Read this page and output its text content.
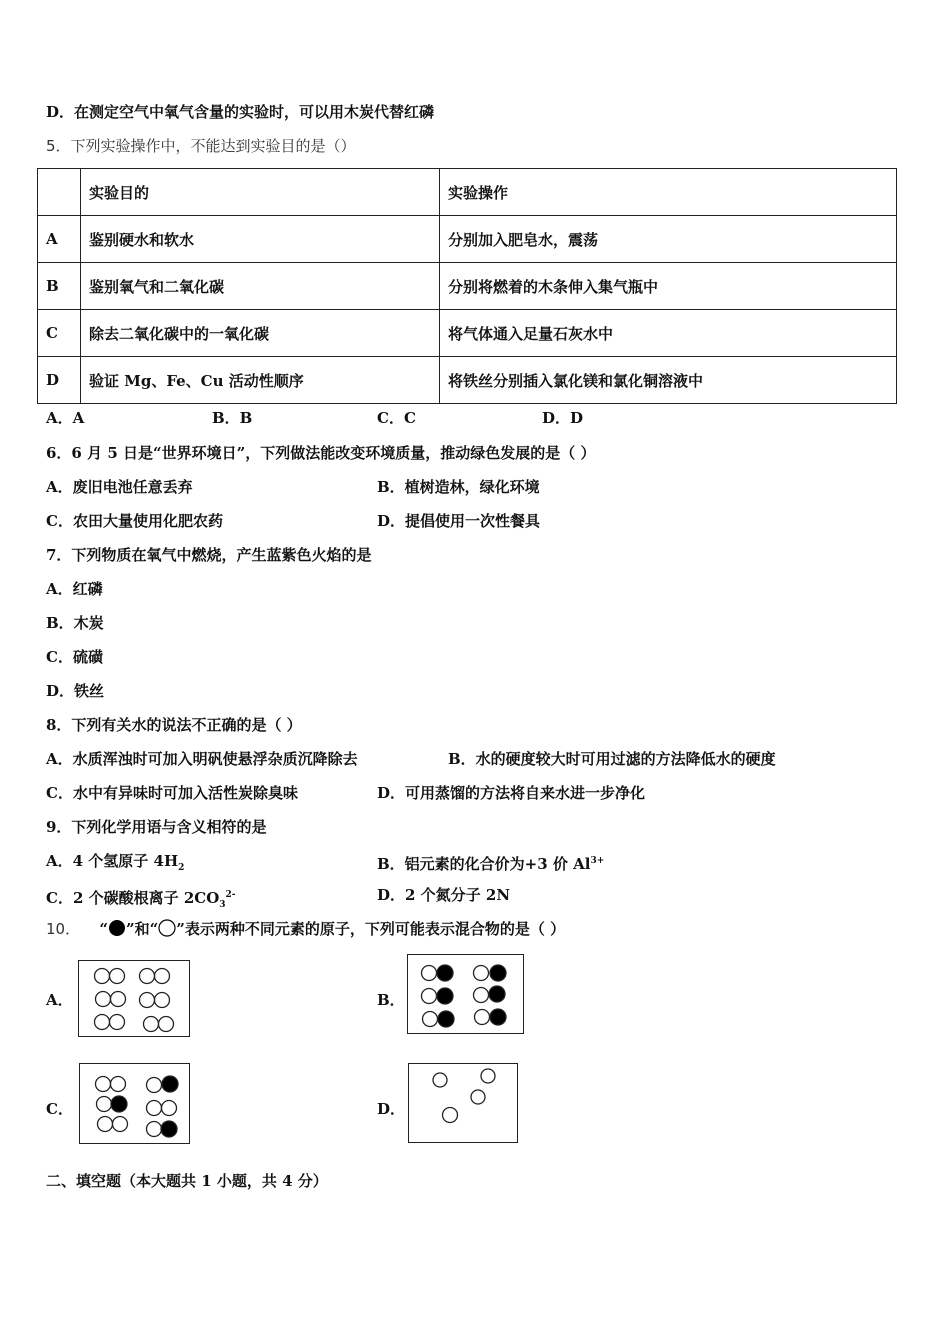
D．在测定空气中氧气含量的实验时，可以用木炭代替红磷
5．下列实验操作中，不能达到实验目的是（）
	实验目的	实验操作
A	鉴别硬水和软水	分别加入肥皂水，震荡
B	鉴别氧气和二氧化碳	分别将燃着的木条伸入集气瓶中
C	除去二氧化碳中的一氧化碳	将气体通入足量石灰水中
D	验证 Mg、Fe、Cu 活动性顺序	将铁丝分别插入氯化镁和氯化铜溶液中
A．A	B．B	C．C	D．D
6．6 月 5 日是“世界环境日”，下列做法能改变环境质量，推动绿色发展的是（ ）
A．废旧电池任意丢弃	B．植树造林，绿化环境
C．农田大量使用化肥农药	D．提倡使用一次性餐具
7．下列物质在氧气中燃烧，产生蓝紫色火焰的是
A．红磷
B．木炭
C．硫磺
D．铁丝
8．下列有关水的说法不正确的是（ ）
A．水质浑浊时可加入明矾使悬浮杂质沉降除去	B．水的硬度较大时可用过滤的方法降低水的硬度
C．水中有异味时可加入活性炭除臭味	D．可用蒸馏的方法将自来水进一步净化
9．下列化学用语与含义相符的是
A．4 个氢原子 $4H_2$	B．铝元素的化合价为+3 价 $Al^{3+}$
C．2 个碳酸根离子 $2CO_3^{2-}$	D．2 个氮分子 2N
10． “ ”和“ ”表示两种不同元素的原子，下列可能表示混合物的是（ ）
A．	B．
C．	D．
二、填空题（本大题共 1 小题，共 4 分）
